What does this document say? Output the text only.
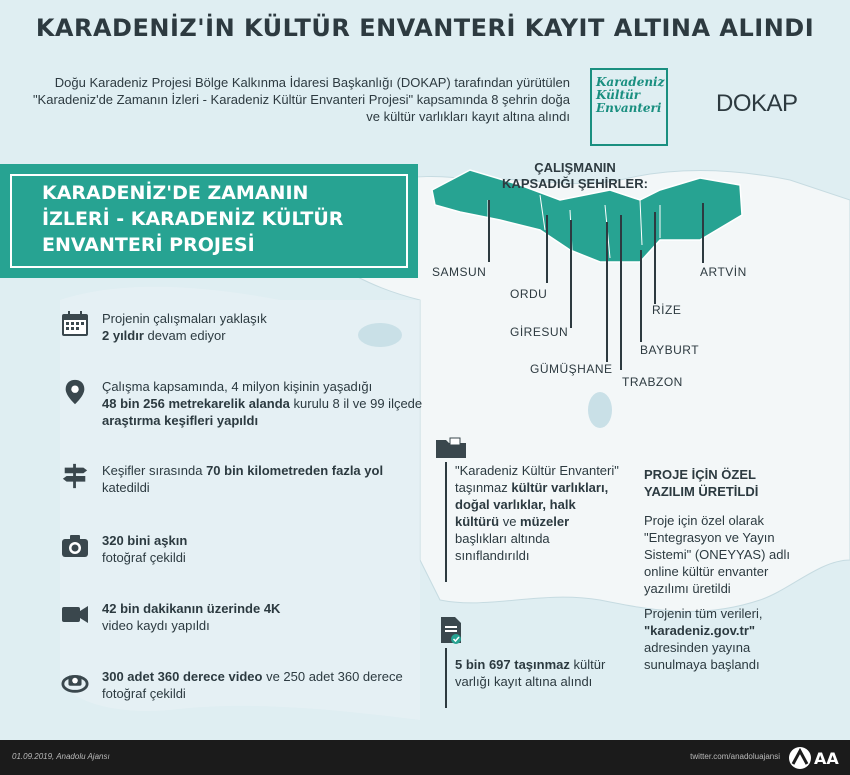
KARADENİZ'İN KÜLTÜR ENVANTERİ KAYIT ALTINA ALINDI
Doğu Karadeniz Projesi Bölge Kalkınma İdaresi Başkanlığı (DOKAP) tarafından yürütülen "Karadeniz'de Zamanın İzleri - Karadeniz Kültür Envanteri Projesi" kapsamında 8 şehrin doğa ve kültür varlıkları kayıt altına alındı
Karadeniz
Kültür
Envanteri DOKAP
KARADENİZ'DE ZAMANIN İZLERİ - KARADENİZ KÜLTÜR ENVANTERİ PROJESİ
ÇALIŞMANIN KAPSADIĞI ŞEHİRLER:
SAMSUN
ORDU
GİRESUN
GÜMÜŞHANE
TRABZON
BAYBURT
RİZE
ARTVİN
Projenin çalışmaları yaklaşık
2 yıldır devam ediyor
Çalışma kapsamında, 4 milyon kişinin yaşadığı
48 bin 256 metrekarelik alanda kurulu 8 il ve 99 ilçede
araştırma keşifleri yapıldı
Keşifler sırasında 70 bin kilometreden fazla yol katedildi
320 bini aşkın
fotoğraf çekildi
42 bin dakikanın üzerinde 4K
video kaydı yapıldı
300 adet 360 derece video ve 250 adet 360 derece fotoğraf çekildi
"Karadeniz Kültür Envanteri" taşınmaz kültür varlıkları, doğal varlıklar, halk kültürü ve müzeler başlıkları altında sınıflandırıldı
5 bin 697 taşınmaz kültür varlığı kayıt altına alındı
PROJE İÇİN ÖZEL YAZILIM ÜRETİLDİ
Proje için özel olarak "Entegrasyon ve Yayın Sistemi" (ONEYYAS) adlı online kültür envanter yazılımı üretildi
Projenin tüm verileri, "karadeniz.gov.tr" adresinden yayına sunulmaya başlandı
01.09.2019, Anadolu Ajansı	twitter.com/anadoluajansi AA
